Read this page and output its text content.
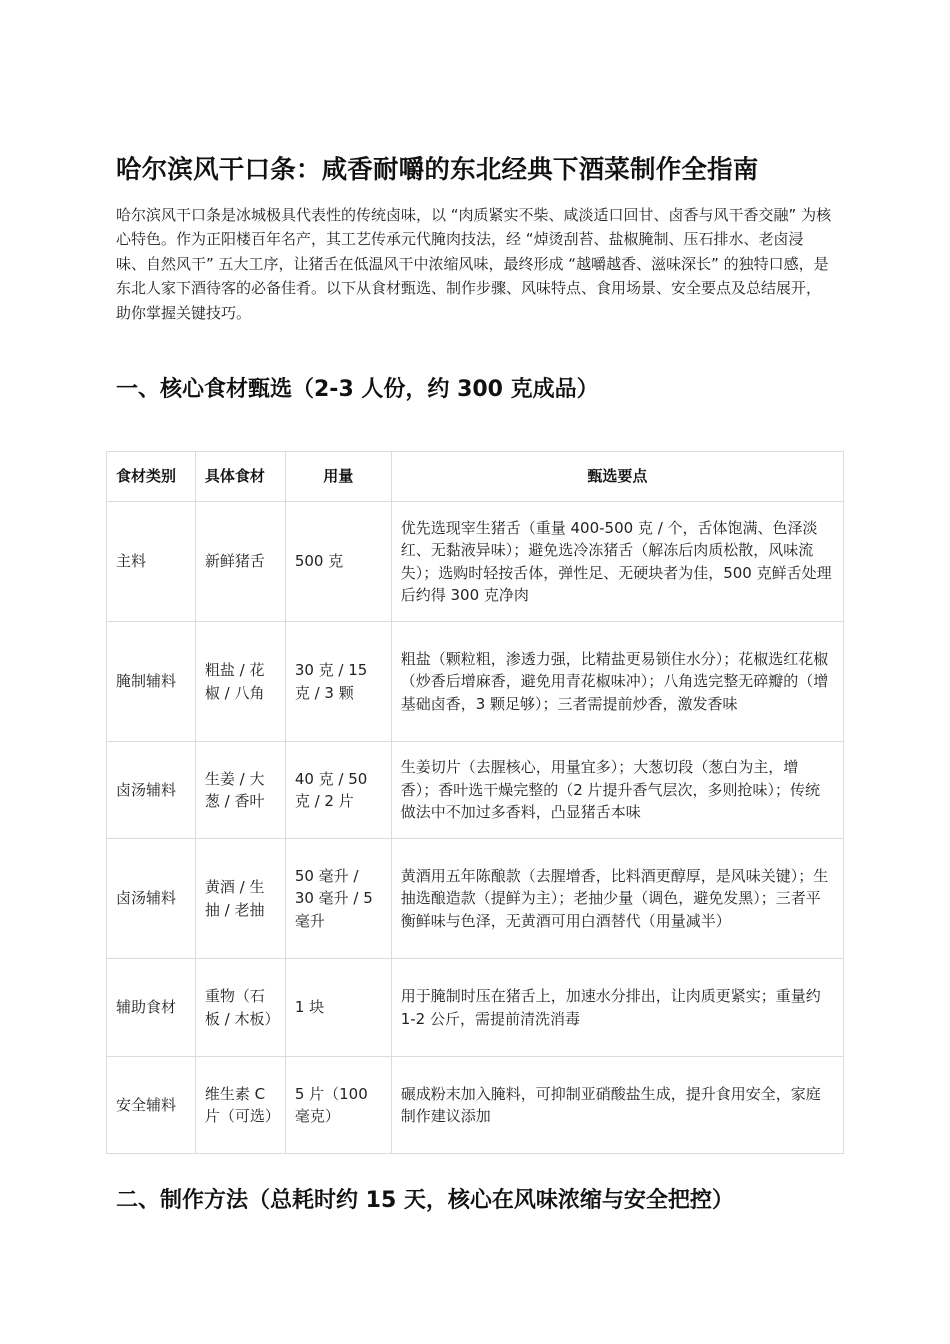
哈尔滨风干口条：咸香耐嚼的东北经典下酒菜制作全指南

哈尔滨风干口条是冰城极具代表性的传统卤味，以 “肉质紧实不柴、咸淡适口回甘、卤香与风干香交融” 为核心特色。作为正阳楼百年名产，其工艺传承元代腌肉技法，经 “焯烫刮苔、盐椒腌制、压石排水、老卤浸味、自然风干” 五大工序，让猪舌在低温风干中浓缩风味，最终形成 “越嚼越香、滋味深长” 的独特口感，是东北人家下酒待客的必备佳肴。以下从食材甄选、制作步骤、风味特点、食用场景、安全要点及总结展开，助你掌握关键技巧。

一、核心食材甄选（2-3 人份，约 300 克成品）
食材类别	具体食材	用量	甄选要点
主料	新鲜猪舌	500 克	优先选现宰生猪舌（重量 400-500 克 / 个，舌体饱满、色泽淡红、无黏液异味）；避免选冷冻猪舌（解冻后肉质松散，风味流失）；选购时轻按舌体，弹性足、无硬块者为佳，500 克鲜舌处理后约得 300 克净肉
腌制辅料	粗盐 / 花椒 / 八角	30 克 / 15 克 / 3 颗	粗盐（颗粒粗，渗透力强，比精盐更易锁住水分）；花椒选红花椒（炒香后增麻香，避免用青花椒味冲）；八角选完整无碎瓣的（增基础卤香，3 颗足够）；三者需提前炒香，激发香味
卤汤辅料	生姜 / 大葱 / 香叶	40 克 / 50 克 / 2 片	生姜切片（去腥核心，用量宜多）；大葱切段（葱白为主，增香）；香叶选干燥完整的（2 片提升香气层次，多则抢味）；传统做法中不加过多香料，凸显猪舌本味
卤汤辅料	黄酒 / 生抽 / 老抽	50 毫升 / 30 毫升 / 5 毫升	黄酒用五年陈酿款（去腥增香，比料酒更醇厚，是风味关键）；生抽选酿造款（提鲜为主）；老抽少量（调色，避免发黑）；三者平衡鲜味与色泽，无黄酒可用白酒替代（用量减半）
辅助食材	重物（石板 / 木板）	1 块	用于腌制时压在猪舌上，加速水分排出，让肉质更紧实；重量约 1-2 公斤，需提前清洗消毒
安全辅料	维生素 C 片（可选）	5 片（100 毫克）	碾成粉末加入腌料，可抑制亚硝酸盐生成，提升食用安全，家庭制作建议添加
二、制作方法（总耗时约 15 天，核心在风味浓缩与安全把控）
